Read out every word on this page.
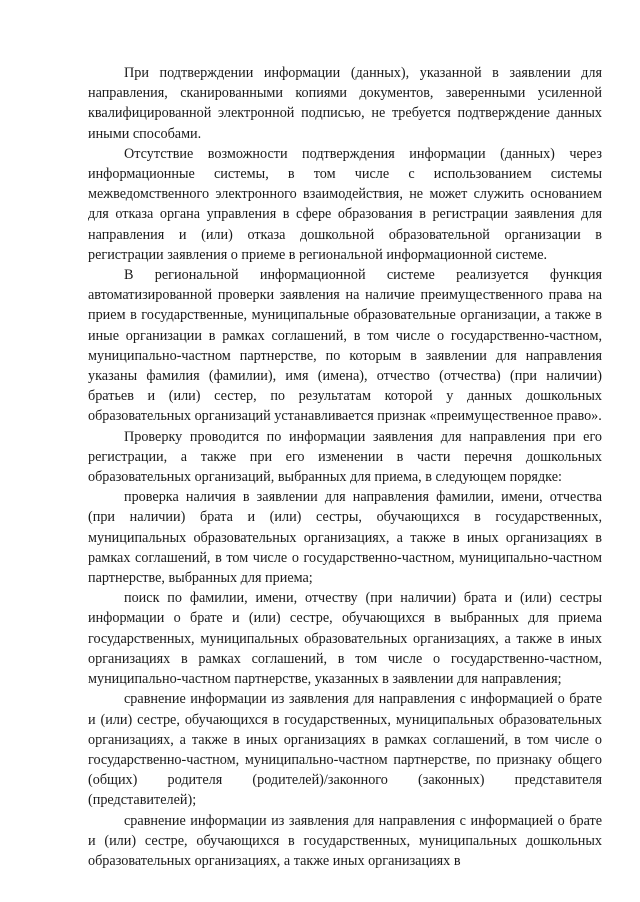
При подтверждении информации (данных), указанной в заявлении для направления, сканированными копиями документов, заверенными усиленной квалифицированной электронной подписью, не требуется подтверждение данных иными способами.

Отсутствие возможности подтверждения информации (данных) через информационные системы, в том числе с использованием системы межведомственного электронного взаимодействия, не может служить основанием для отказа органа управления в сфере образования в регистрации заявления для направления и (или) отказа дошкольной образовательной организации в регистрации заявления о приеме в региональной информационной системе.

В региональной информационной системе реализуется функция автоматизированной проверки заявления на наличие преимущественного права на прием в государственные, муниципальные образовательные организации, а также в иные организации в рамках соглашений, в том числе о государственно-частном, муниципально-частном партнерстве, по которым в заявлении для направления указаны фамилия (фамилии), имя (имена), отчество (отчества) (при наличии) братьев и (или) сестер, по результатам которой у данных дошкольных образовательных организаций устанавливается признак «преимущественное право».

Проверку проводится по информации заявления для направления при его регистрации, а также при его изменении в части перечня дошкольных образовательных организаций, выбранных для приема, в следующем порядке:

проверка наличия в заявлении для направления фамилии, имени, отчества (при наличии) брата и (или) сестры, обучающихся в государственных, муниципальных образовательных организациях, а также в иных организациях в рамках соглашений, в том числе о государственно-частном, муниципально-частном партнерстве, выбранных для приема;

поиск по фамилии, имени, отчеству (при наличии) брата и (или) сестры информации о брате и (или) сестре, обучающихся в выбранных для приема государственных, муниципальных образовательных организациях, а также в иных организациях в рамках соглашений, в том числе о государственно-частном, муниципально-частном партнерстве, указанных в заявлении для направления;

сравнение информации из заявления для направления с информацией о брате и (или) сестре, обучающихся в государственных, муниципальных образовательных организациях, а также в иных организациях в рамках соглашений, в том числе о государственно-частном, муниципально-частном партнерстве, по признаку общего (общих) родителя (родителей)/законного (законных) представителя (представителей);

сравнение информации из заявления для направления с информацией о брате и (или) сестре, обучающихся в государственных, муниципальных дошкольных образовательных организациях, а также иных организациях в
